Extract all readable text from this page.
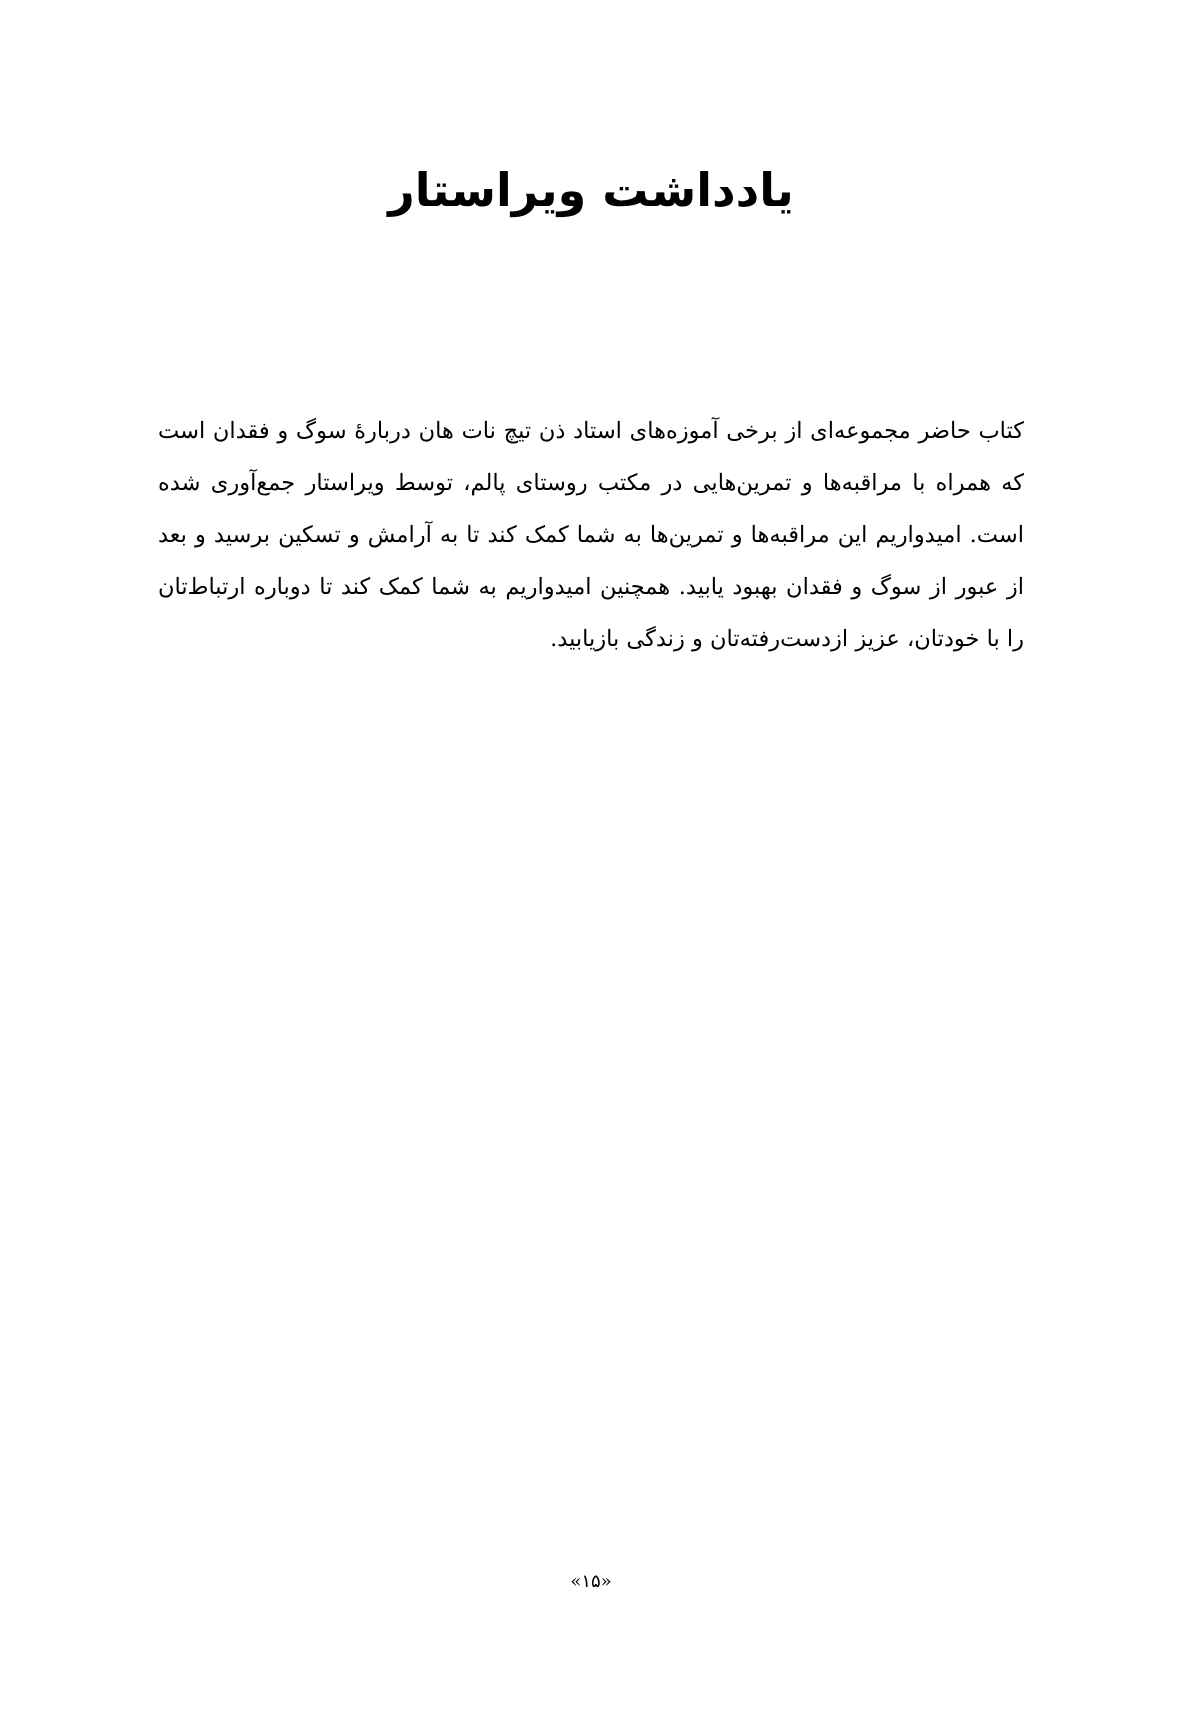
یادداشت ویراستار

کتاب حاضر مجموعه‌ای از برخی آموزه‌های استاد ذن تیچ نات هان دربارهٔ سوگ و فقدان است که همراه با مراقبه‌ها و تمرین‌هایی در مکتب روستای پالم، توسط ویراستار جمع‌آوری شده است. امیدواریم این مراقبه‌ها و تمرین‌ها به شما کمک کند تا به آرامش و تسکین برسید و بعد از عبور از سوگ و فقدان بهبود یابید. همچنین امیدواریم به شما کمک کند تا دوباره ارتباط‌تان را با خودتان، عزیز ازدست‌رفته‌تان و زندگی بازیابید.

«۱۵»
